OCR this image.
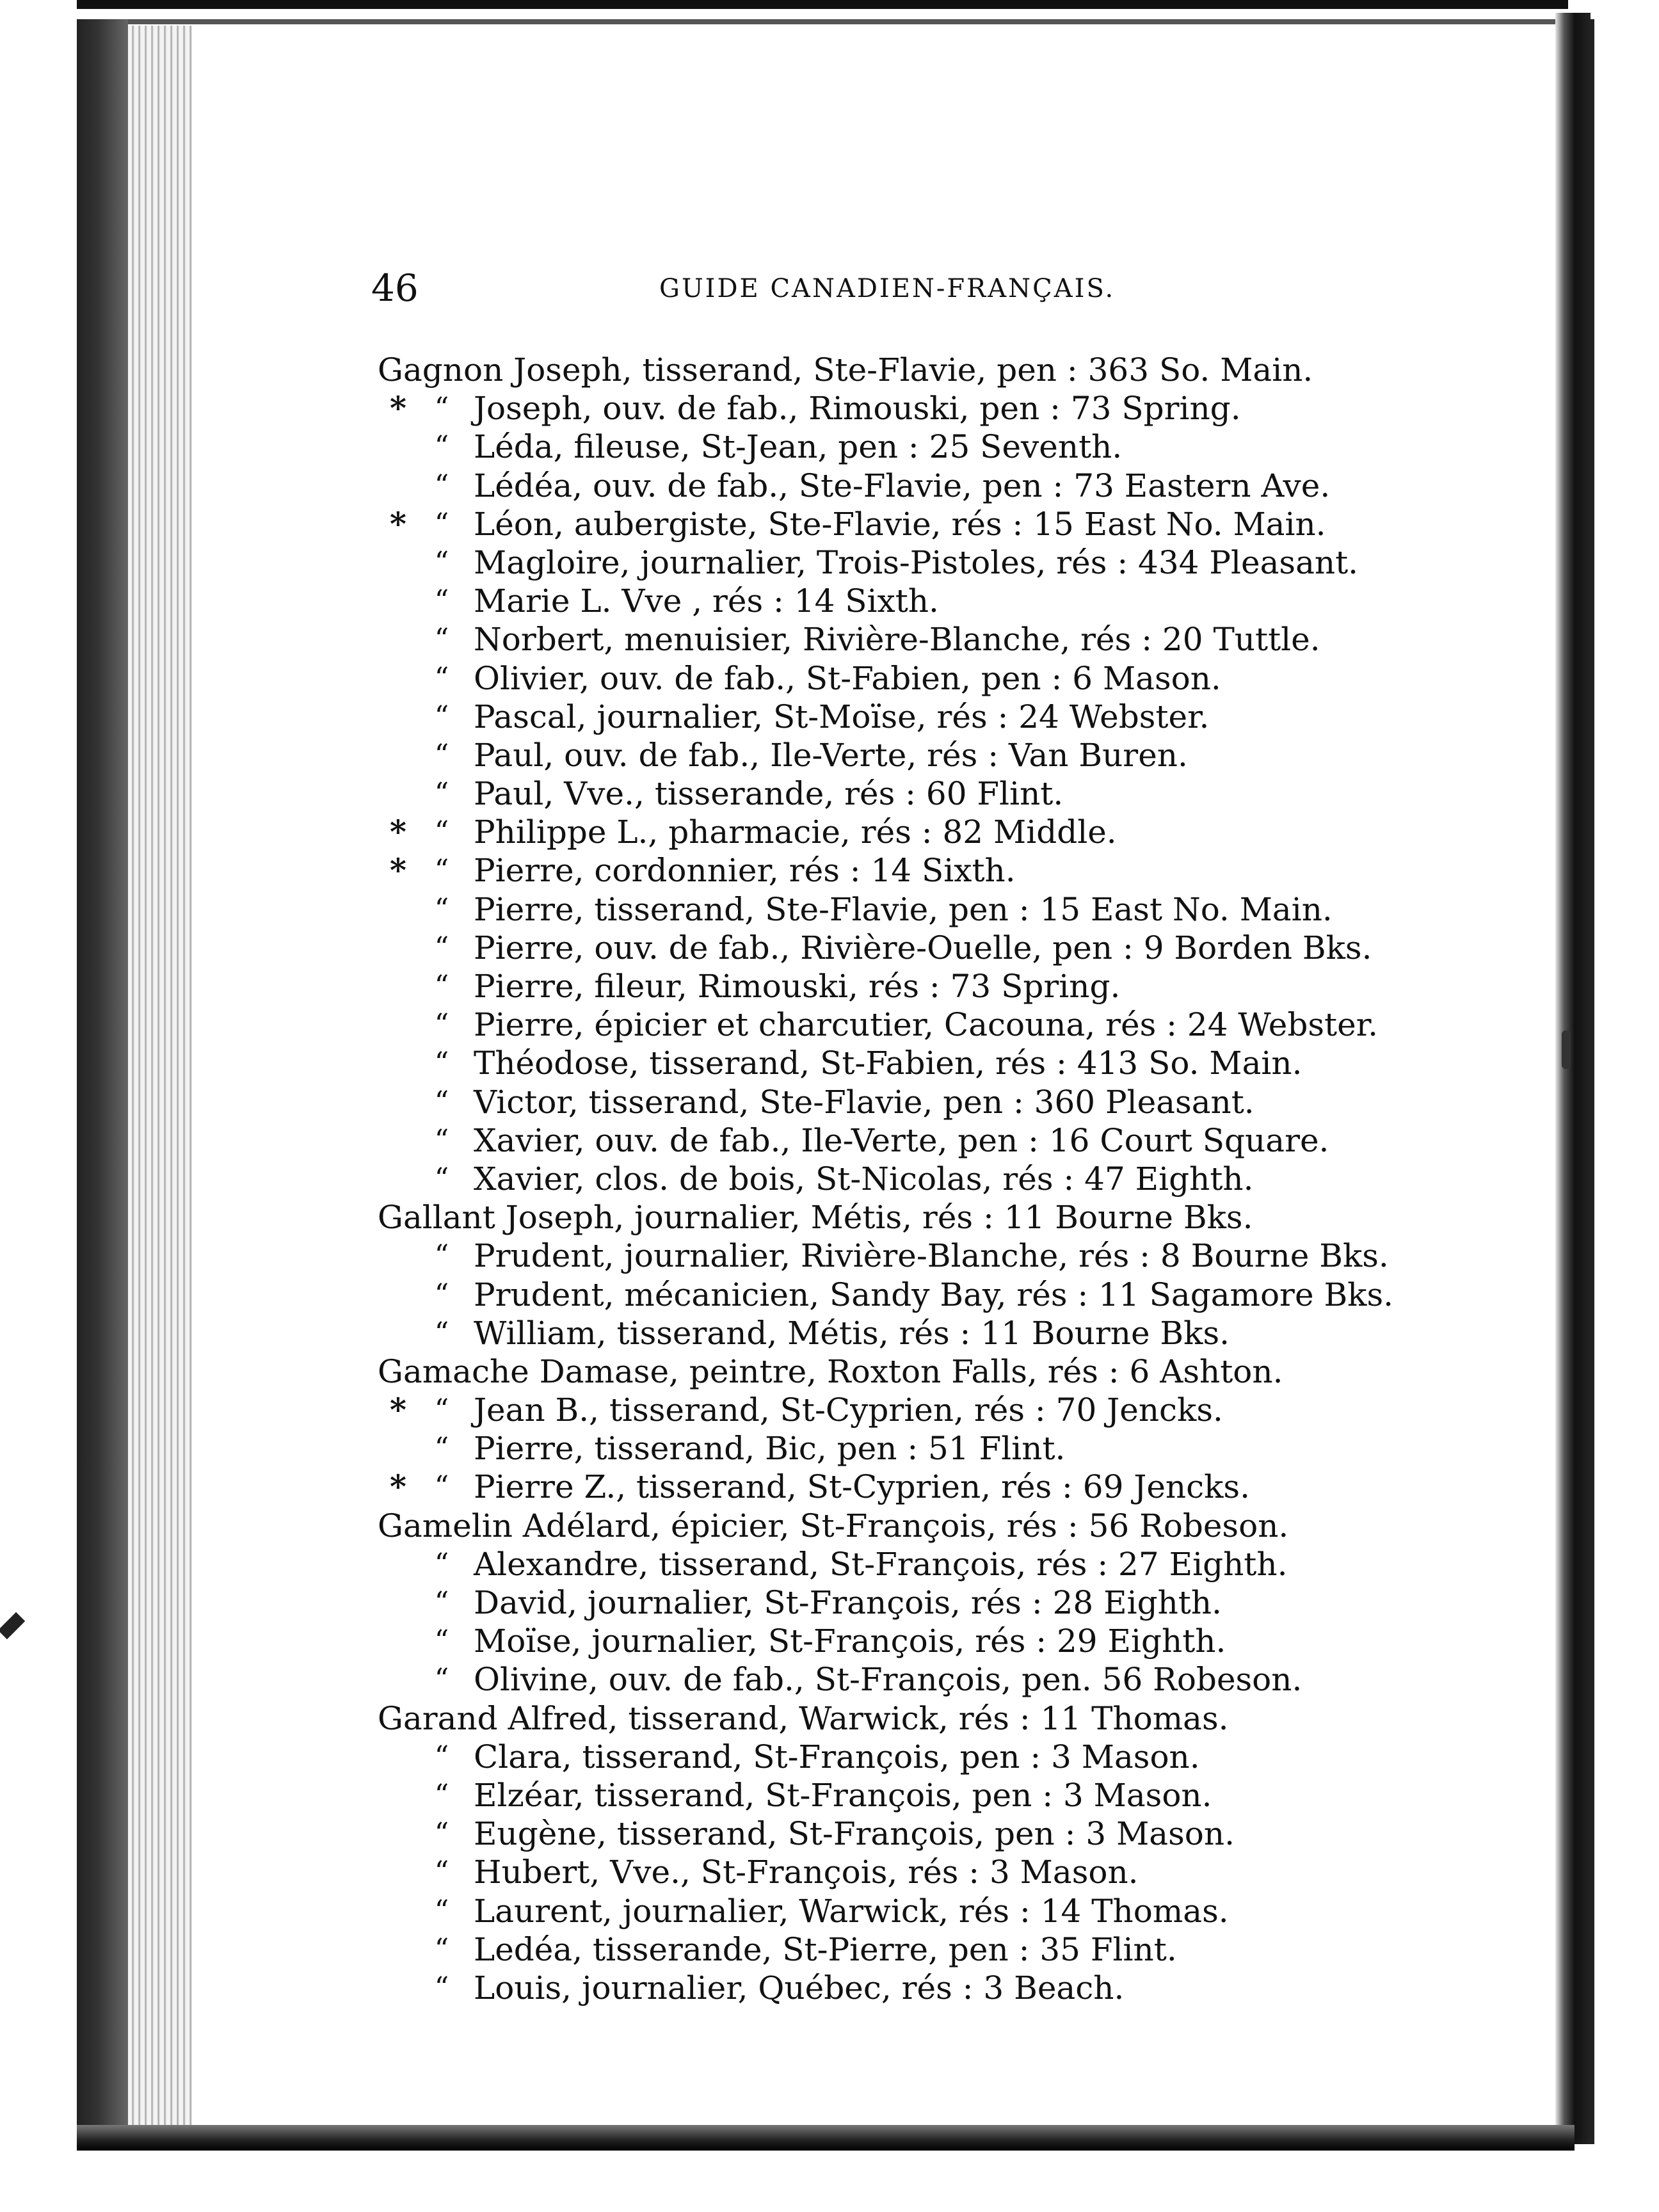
46	GUIDE CANADIEN-FRANÇAIS.
Gagnon Joseph, tisserand, Ste-Flavie, pen : 363 So. Main.
* “ Joseph, ouv. de fab., Rimouski, pen : 73 Spring.
“ Léda, fileuse, St-Jean, pen : 25 Seventh.
“ Lédéa, ouv. de fab., Ste-Flavie, pen : 73 Eastern Ave.
* “ Léon, aubergiste, Ste-Flavie, rés : 15 East No. Main.
“ Magloire, journalier, Trois-Pistoles, rés : 434 Pleasant.
“ Marie L. Vve , rés : 14 Sixth.
“ Norbert, menuisier, Rivière-Blanche, rés : 20 Tuttle.
“ Olivier, ouv. de fab., St-Fabien, pen : 6 Mason.
“ Pascal, journalier, St-Moïse, rés : 24 Webster.
“ Paul, ouv. de fab., Ile-Verte, rés : Van Buren.
“ Paul, Vve., tisserande, rés : 60 Flint.
* “ Philippe L., pharmacie, rés : 82 Middle.
* “ Pierre, cordonnier, rés : 14 Sixth.
“ Pierre, tisserand, Ste-Flavie, pen : 15 East No. Main.
“ Pierre, ouv. de fab., Rivière-Ouelle, pen : 9 Borden Bks.
“ Pierre, fileur, Rimouski, rés : 73 Spring.
“ Pierre, épicier et charcutier, Cacouna, rés : 24 Webster.
“ Théodose, tisserand, St-Fabien, rés : 413 So. Main.
“ Victor, tisserand, Ste-Flavie, pen : 360 Pleasant.
“ Xavier, ouv. de fab., Ile-Verte, pen : 16 Court Square.
“ Xavier, clos. de bois, St-Nicolas, rés : 47 Eighth.
Gallant Joseph, journalier, Métis, rés : 11 Bourne Bks.
“ Prudent, journalier, Rivière-Blanche, rés : 8 Bourne Bks.
“ Prudent, mécanicien, Sandy Bay, rés : 11 Sagamore Bks.
“ William, tisserand, Métis, rés : 11 Bourne Bks.
Gamache Damase, peintre, Roxton Falls, rés : 6 Ashton.
* “ Jean B., tisserand, St-Cyprien, rés : 70 Jencks.
“ Pierre, tisserand, Bic, pen : 51 Flint.
* “ Pierre Z., tisserand, St-Cyprien, rés : 69 Jencks.
Gamelin Adélard, épicier, St-François, rés : 56 Robeson.
“ Alexandre, tisserand, St-François, rés : 27 Eighth.
“ David, journalier, St-François, rés : 28 Eighth.
“ Moïse, journalier, St-François, rés : 29 Eighth.
“ Olivine, ouv. de fab., St-François, pen. 56 Robeson.
Garand Alfred, tisserand, Warwick, rés : 11 Thomas.
“ Clara, tisserand, St-François, pen : 3 Mason.
“ Elzéar, tisserand, St-François, pen : 3 Mason.
“ Eugène, tisserand, St-François, pen : 3 Mason.
“ Hubert, Vve., St-François, rés : 3 Mason.
“ Laurent, journalier, Warwick, rés : 14 Thomas.
“ Ledéa, tisserande, St-Pierre, pen : 35 Flint.
“ Louis, journalier, Québec, rés : 3 Beach.
